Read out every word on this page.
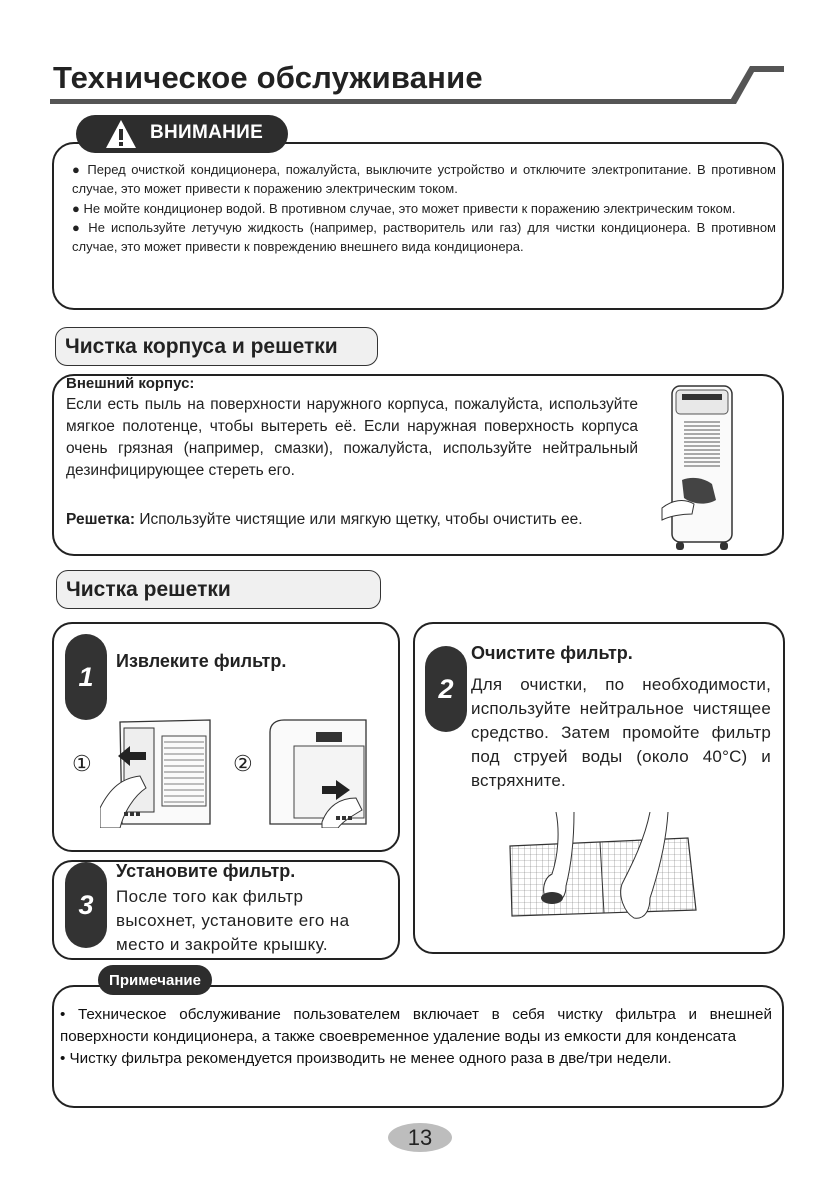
Техническое обслуживание
ВНИМАНИЕ

● Перед очисткой кондиционера, пожалуйста, выключите устройство и отключите электропитание. В противном случае, это может привести к поражению электрическим током.

● Не мойте кондиционер водой. В противном случае, это может привести к поражению электрическим током.

● Не используйте летучую жидкость (например, растворитель или газ) для чистки кондиционера. В противном случае, это может привести к повреждению внешнего вида кондиционера.

Чистка корпуса и решетки
Внешний корпус:
Если есть пыль на поверхности наружного корпуса, пожалуйста, используйте мягкое полотенце, чтобы вытереть её. Если наружная поверхность корпуса очень грязная (например, смазки), пожалуйста, используйте нейтральный дезинфицирующее стереть его.
Решетка: Используйте чистящие или мягкую щетку, чтобы очистить ее.
Чистка решетки
1
Извлеките фильтр.
①	②
2
Очистите фильтр.
Для очистки, по необходимости, используйте нейтральное чистящее средство. Затем промойте фильтр под струей воды (около 40°С) и встряхните.
3
Установите фильтр.
После того как фильтр высохнет, установите его на место и закройте крышку.
Примечание

• Техническое обслуживание пользователем включает в себя чистку фильтра и внешней поверхности кондиционера, а также своевременное удаление воды из емкости для конденсата

• Чистку фильтра рекомендуется производить не менее одного раза в две/три недели.

13
